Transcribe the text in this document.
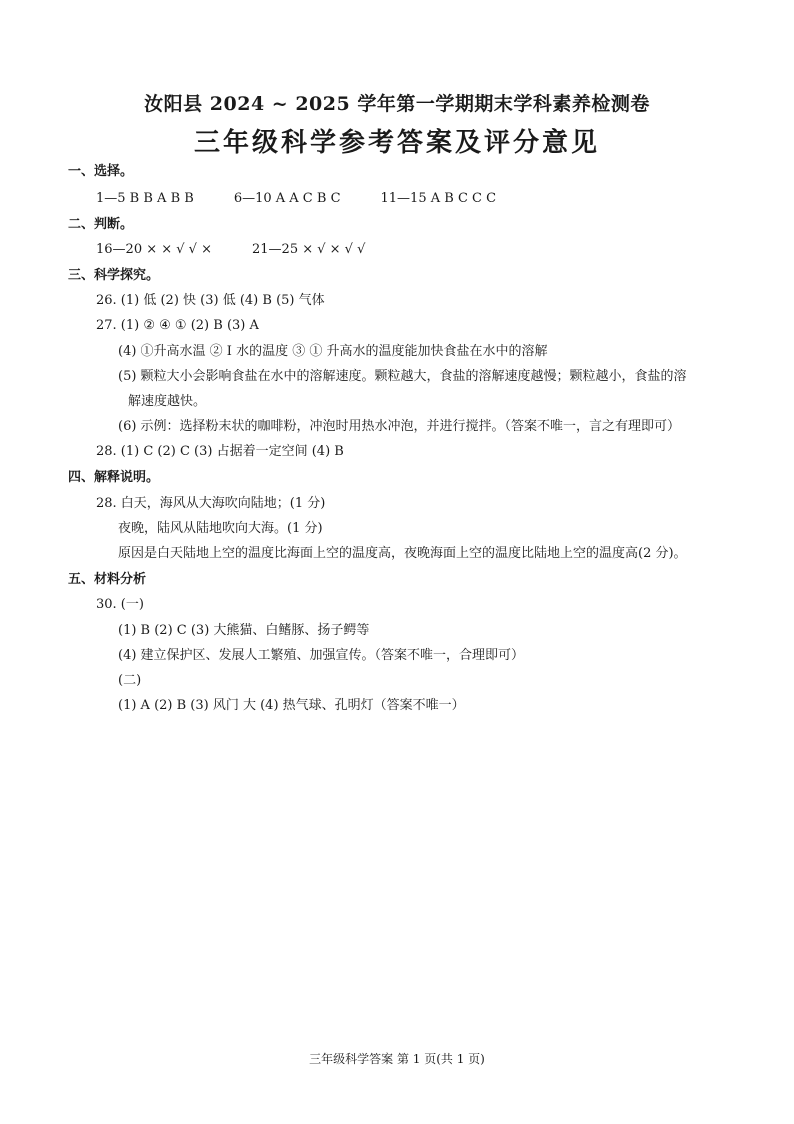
汝阳县 2024 ~ 2025 学年第一学期期末学科素养检测卷
三年级科学参考答案及评分意见
一、选择。
1—5 B B A B B	6—10 A A C B C	11—15 A B C C C
二、判断。
16—20 × × √ √ ×	21—25 × √ × √ √
三、科学探究。
26. (1) 低 (2) 快 (3) 低 (4) B (5) 气体
27. (1) ② ④ ① (2) B (3) A
(4) ①升高水温 ② I 水的温度 ③ ① 升高水的温度能加快食盐在水中的溶解
(5) 颗粒大小会影响食盐在水中的溶解速度。颗粒越大，食盐的溶解速度越慢；颗粒越小，食盐的溶
解速度越快。
(6) 示例：选择粉末状的咖啡粉，冲泡时用热水冲泡，并进行搅拌。（答案不唯一，言之有理即可）
28. (1) C (2) C (3) 占据着一定空间 (4) B
四、解释说明。
28. 白天，海风从大海吹向陆地；(1 分)
夜晚，陆风从陆地吹向大海。(1 分)
原因是白天陆地上空的温度比海面上空的温度高，夜晚海面上空的温度比陆地上空的温度高(2 分)。
五、材料分析
30. (一)
(1) B (2) C (3) 大熊猫、白鳍豚、扬子鳄等
(4) 建立保护区、发展人工繁殖、加强宣传。（答案不唯一，合理即可）
(二)
(1) A (2) B (3) 风门 大 (4) 热气球、孔明灯（答案不唯一）
三年级科学答案 第 1 页(共 1 页)
